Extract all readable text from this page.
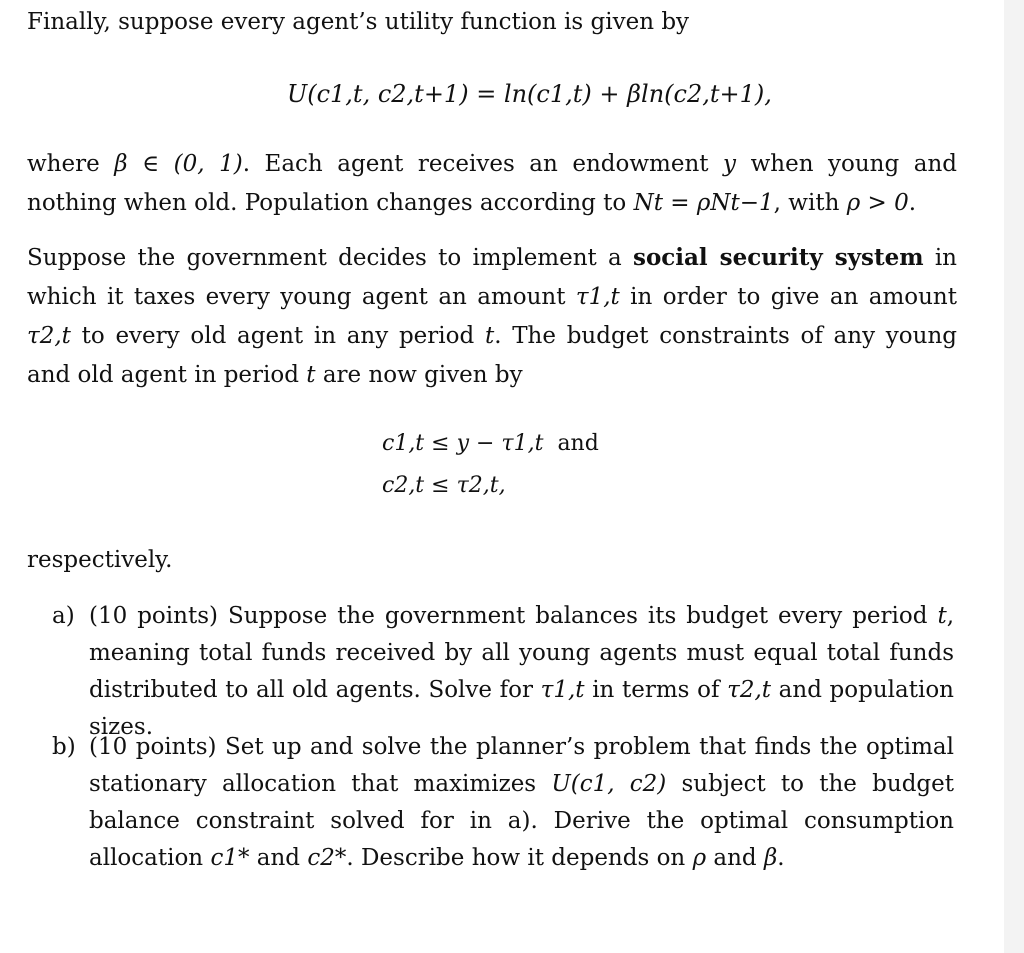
Finally, suppose every agent’s utility function is given by

U(c1,t, c2,t+1) = ln(c1,t) + βln(c2,t+1),

where β ∈ (0, 1). Each agent receives an endowment y when young and nothing when old. Population changes according to Nt = ρNt−1, with ρ > 0.

Suppose the government decides to implement a social security system in which it taxes every young agent an amount τ1,t in order to give an amount τ2,t to every old agent in any period t. The budget constraints of any young and old agent in period t are now given by

c1,t ≤ y − τ1,t and
c2,t ≤ τ2,t,

respectively.

a) (10 points) Suppose the government balances its budget every period t, meaning total funds received by all young agents must equal total funds distributed to all old agents. Solve for τ1,t in terms of τ2,t and population sizes.
b) (10 points) Set up and solve the planner’s problem that finds the optimal stationary allocation that maximizes U(c1, c2) subject to the budget balance constraint solved for in a). Derive the optimal consumption allocation c1* and c2*. Describe how it depends on ρ and β.
